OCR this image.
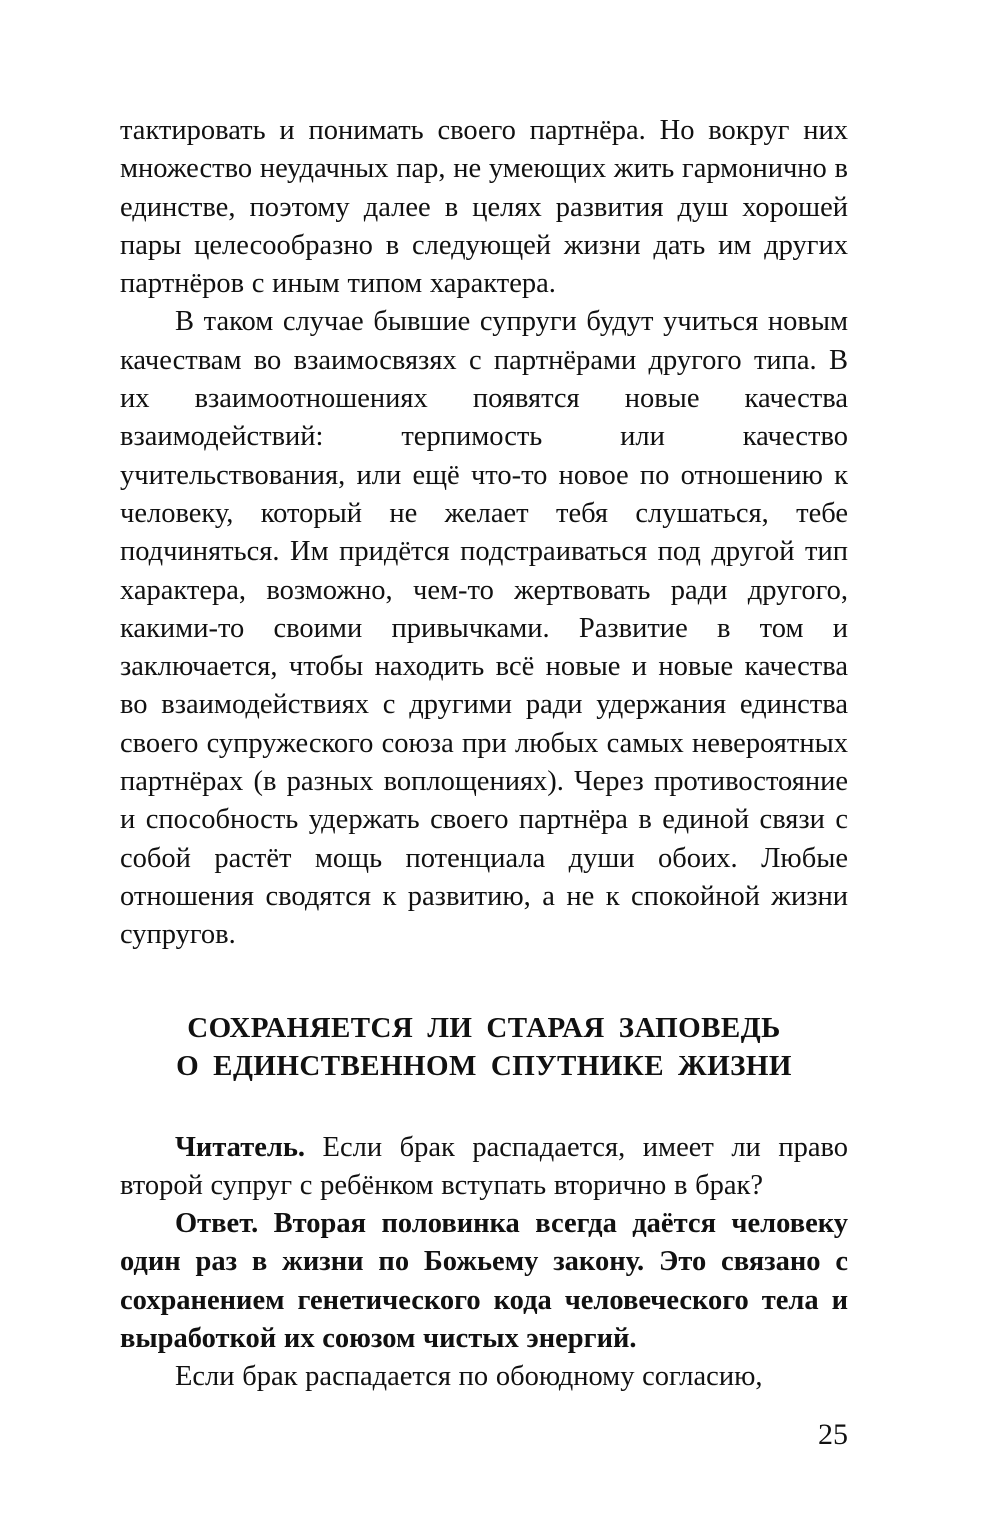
тактировать и понимать своего партнёра. Но вокруг них множество неудачных пар, не умеющих жить гармонично в единстве, поэтому далее в целях развития душ хорошей пары целесообразно в следующей жизни дать им других партнёров с иным типом характера.

В таком случае бывшие супруги будут учиться новым качествам во взаимосвязях с партнёрами другого типа. В их взаимоотношениях появятся новые качества взаимодействий: терпимость или качество учительствования, или ещё что-то новое по отношению к человеку, который не желает тебя слушаться, тебе подчиняться. Им придётся подстраиваться под другой тип характера, возможно, чем-то жертвовать ради другого, какими-то своими привычками. Развитие в том и заключается, чтобы находить всё новые и новые качества во взаимодействиях с другими ради удержания единства своего супружеского союза при любых самых невероятных партнёрах (в разных воплощениях). Через противостояние и способность удержать своего партнёра в единой связи с собой растёт мощь потенциала души обоих. Любые отношения сводятся к развитию, а не к спокойной жизни супругов.

СОХРАНЯЕТСЯ ЛИ СТАРАЯ ЗАПОВЕДЬ
О ЕДИНСТВЕННОМ СПУТНИКЕ ЖИЗНИ

Читатель. Если брак распадается, имеет ли право второй супруг с ребёнком вступать вторично в брак?

Ответ. Вторая половинка всегда даётся человеку один раз в жизни по Божьему закону. Это связано с сохранением генетического кода человеческого тела и выработкой их союзом чистых энергий.

Если брак распадается по обоюдному согласию,

25
